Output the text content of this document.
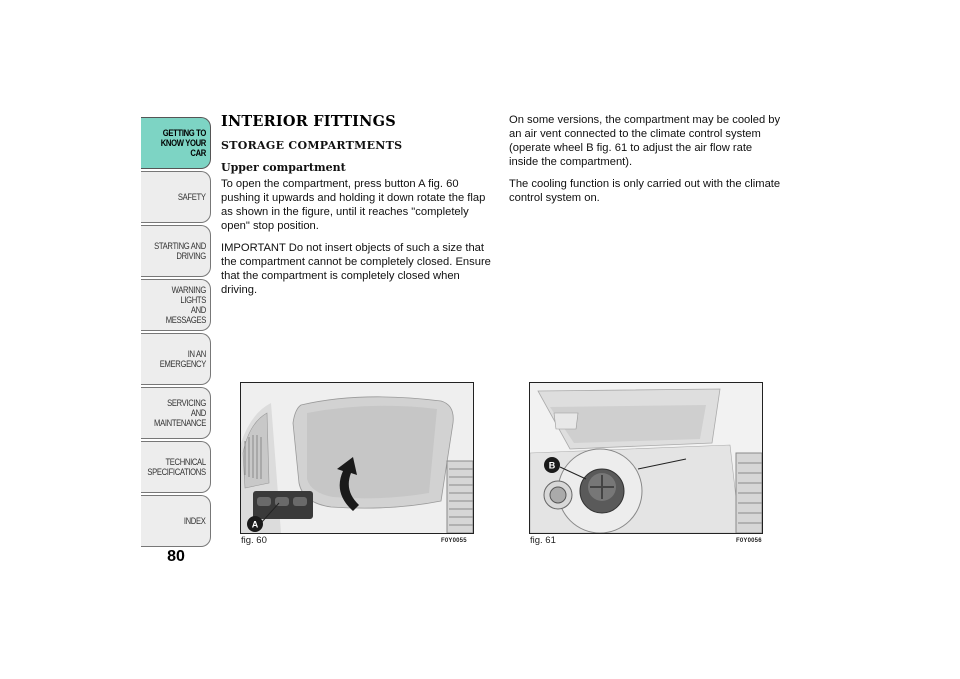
GETTING TO
KNOW YOUR CAR
SAFETY
STARTING AND
DRIVING
WARNING LIGHTS
AND MESSAGES
IN AN EMERGENCY
SERVICING AND
MAINTENANCE
TECHNICAL
SPECIFICATIONS
INDEX
80
INTERIOR FITTINGS
STORAGE COMPARTMENTS
Upper compartment

To open the compartment, press button A fig. 60 pushing it upwards and holding it down rotate the flap as shown in the figure, until it reaches "completely open" stop position.

IMPORTANT Do not insert objects of such a size that the compartment cannot be completely closed. Ensure that the compartment is completely closed when driving.

On some versions, the compartment may be cooled by an air vent connected to the climate control system (operate wheel B fig. 61 to adjust the air flow rate inside the compartment).

The cooling function is only carried out with the climate control system on.

A
fig. 60	F0Y0055
B
fig. 61	F0Y0056
